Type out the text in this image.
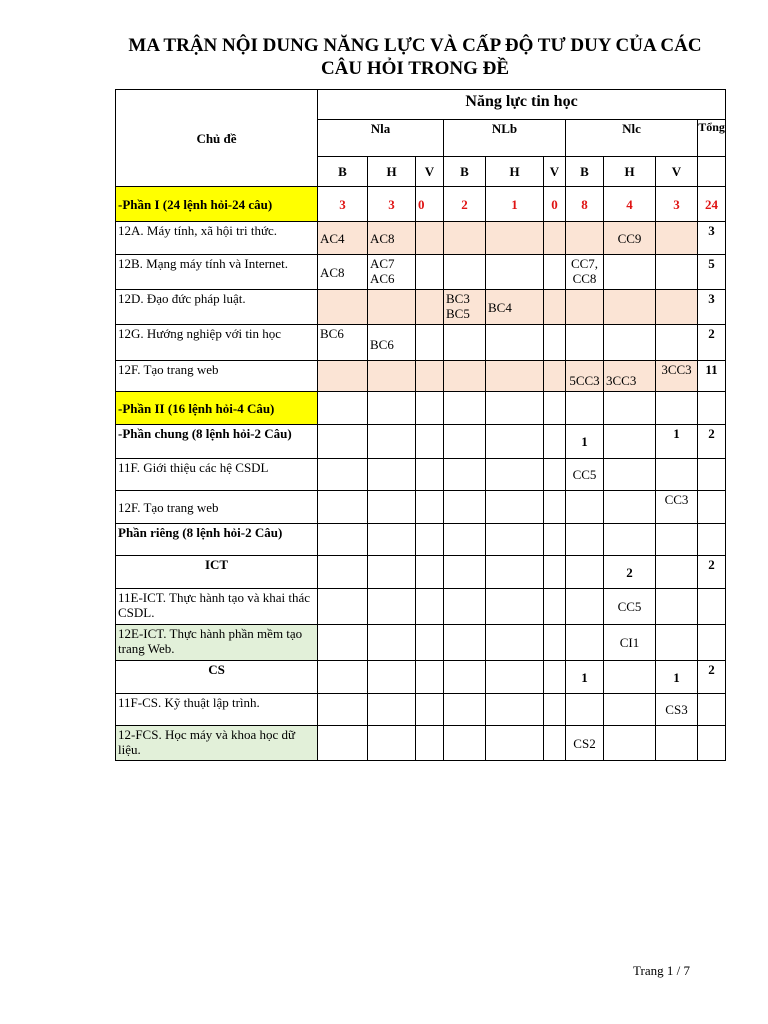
MA TRẬN NỘI DUNG NĂNG LỰC VÀ CẤP ĐỘ TƯ DUY CỦA CÁC
CÂU HỎI TRONG ĐỀ
Chủ đề	Năng lực tin học									
	Nla			NLb			Nlc			Tổng
	B	H	V	B	H	V	B	H	V	
-Phần I (24 lệnh hỏi-24 câu)	3	3	0	2	1	0	8	4	3	24
12A. Máy tính, xã hội tri thức.	AC4	AC8						CC9		3
12B. Mạng máy tính và Internet.	AC8	AC7 AC6					CC7, CC8			5
12D. Đạo đức pháp luật.				BC3 BC5	BC4					3
12G. Hướng nghiệp với tin học	BC6	BC6								2
12F. Tạo trang web							5CC3	3CC3	3CC3	11
-Phần II (16 lệnh hỏi-4 Câu)										
-Phần chung (8 lệnh hỏi-2 Câu)							1		1	2
11F. Giới thiệu các hệ CSDL							CC5			
12F. Tạo trang web									CC3	
Phần riêng (8 lệnh hỏi-2 Câu)										
ICT								2		2
11E-ICT. Thực hành tạo và khai thác CSDL.								CC5		
12E-ICT. Thực hành phần mềm tạo trang Web.								CI1		
CS							1		1	2
11F-CS. Kỹ thuật lập trình.									CS3	
12-FCS. Học máy và khoa học dữ liệu.							CS2			
Trang 1 / 7
